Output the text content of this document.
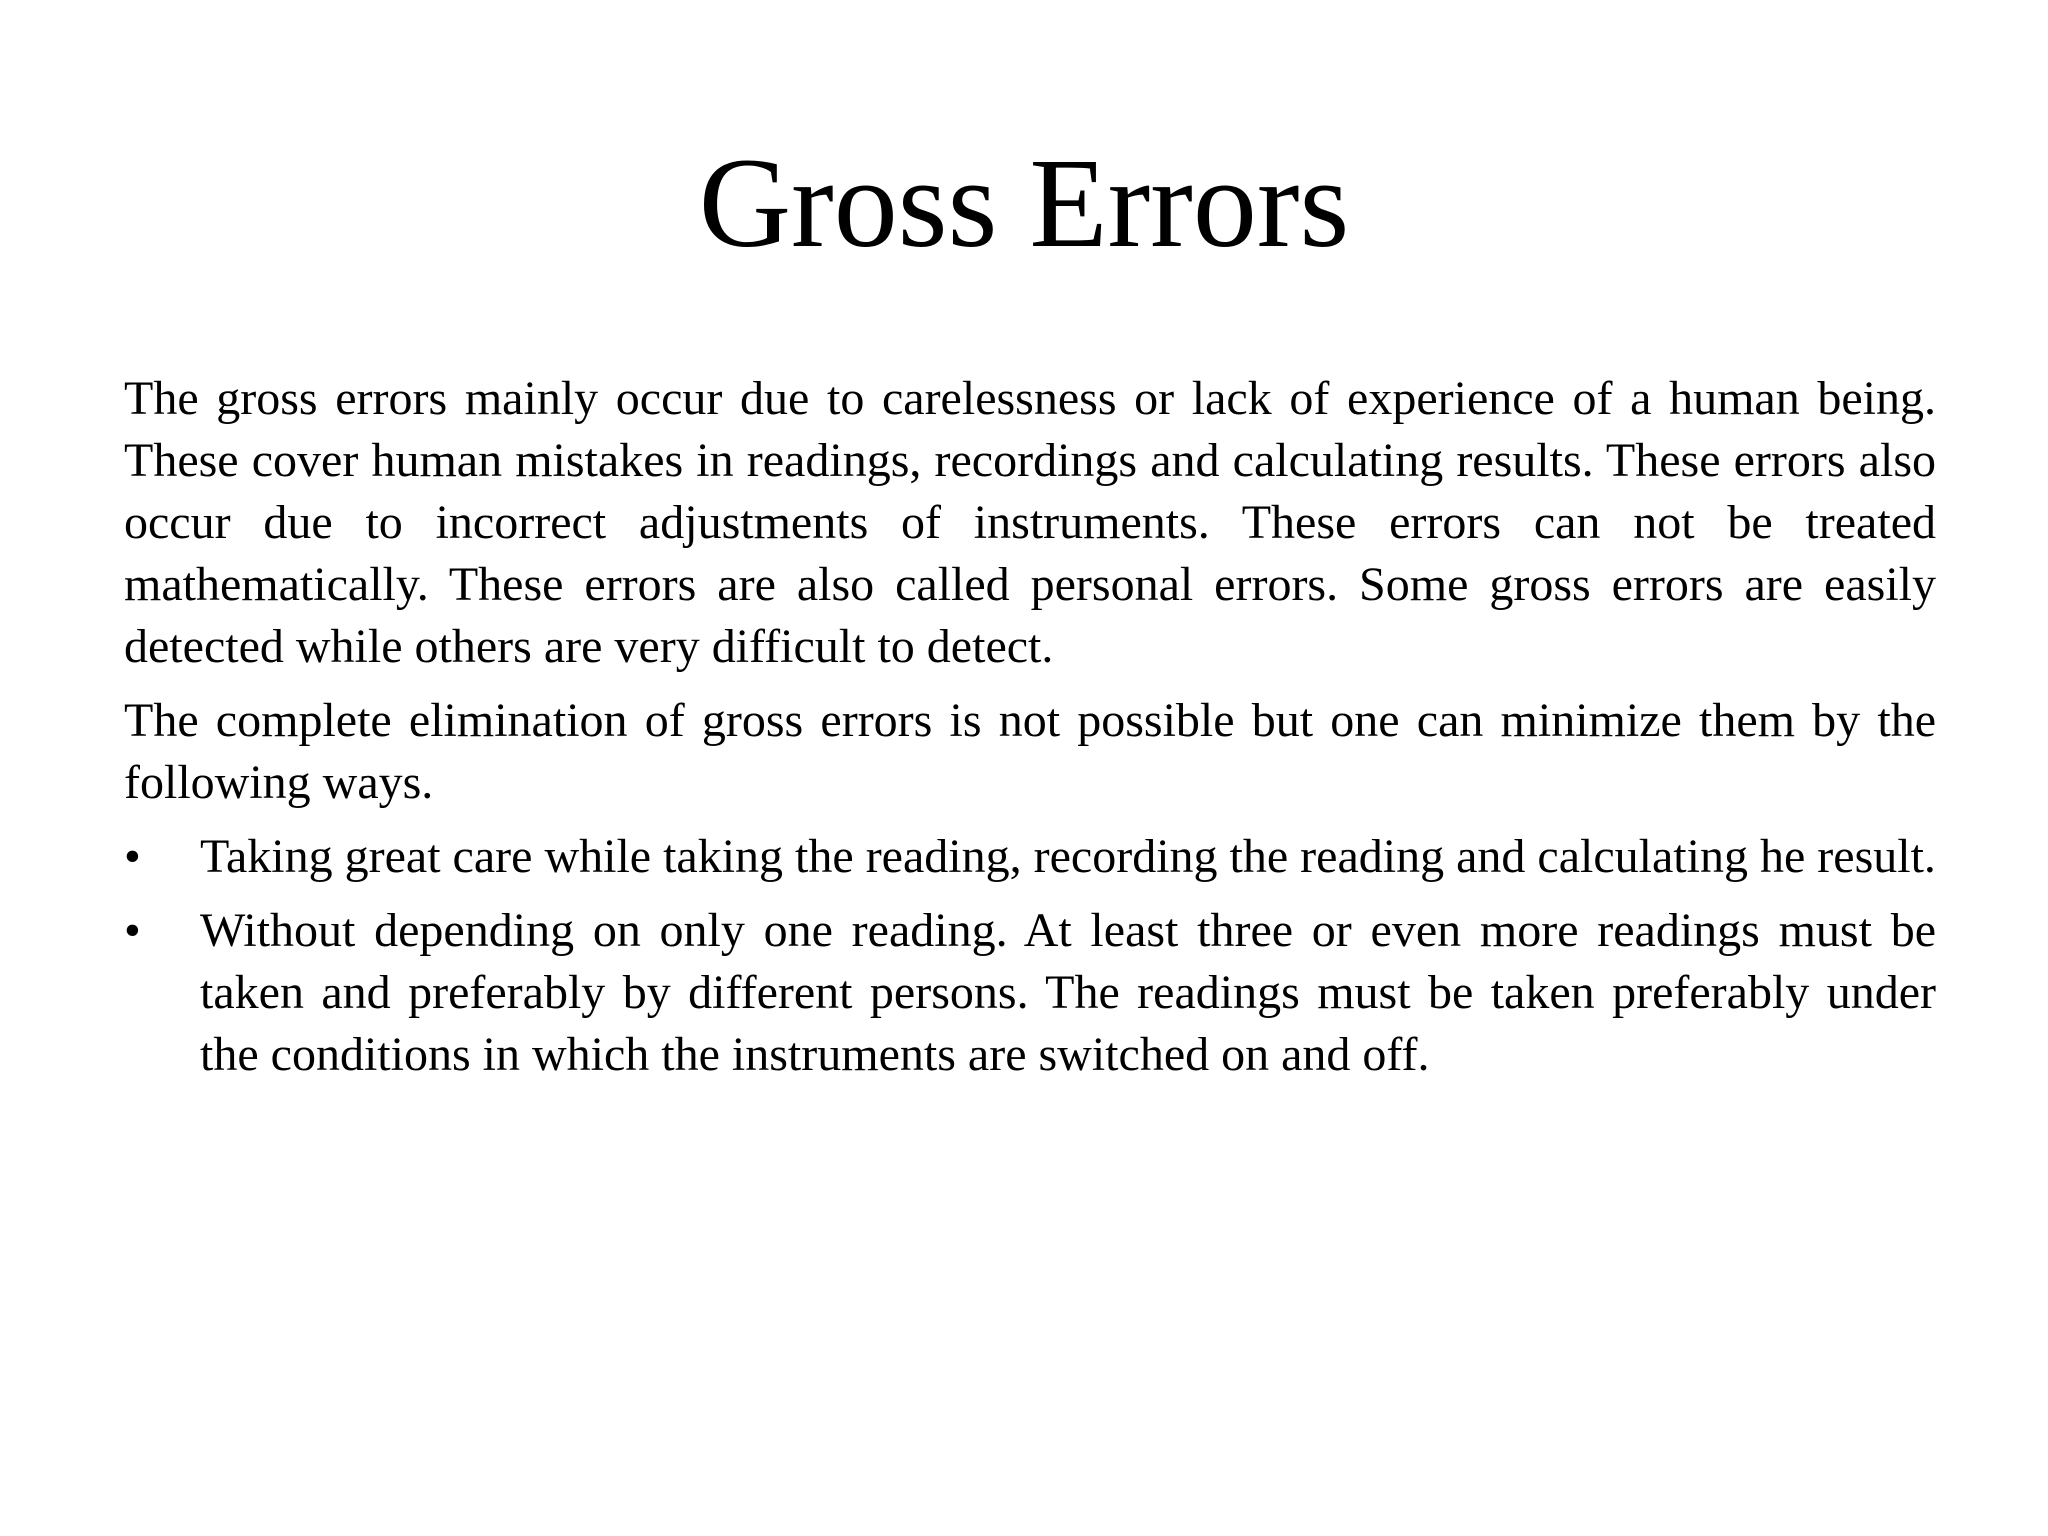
Gross Errors

The gross errors mainly occur due to carelessness or lack of experience of a human being. These cover human mistakes in readings, recordings and calculating results. These errors also occur due to incorrect adjustments of instruments. These errors can not be treated mathematically. These errors are also called personal errors. Some gross errors are easily detected while others are very difficult to detect.

The complete elimination of gross errors is not possible but one can minimize them by the following ways.

•	Taking great care while taking the reading, recording the reading and calculating he result.
•	Without depending on only one reading. At least three or even more readings must be taken and preferably by different persons. The readings must be taken preferably under the conditions in which the instruments are switched on and off.
